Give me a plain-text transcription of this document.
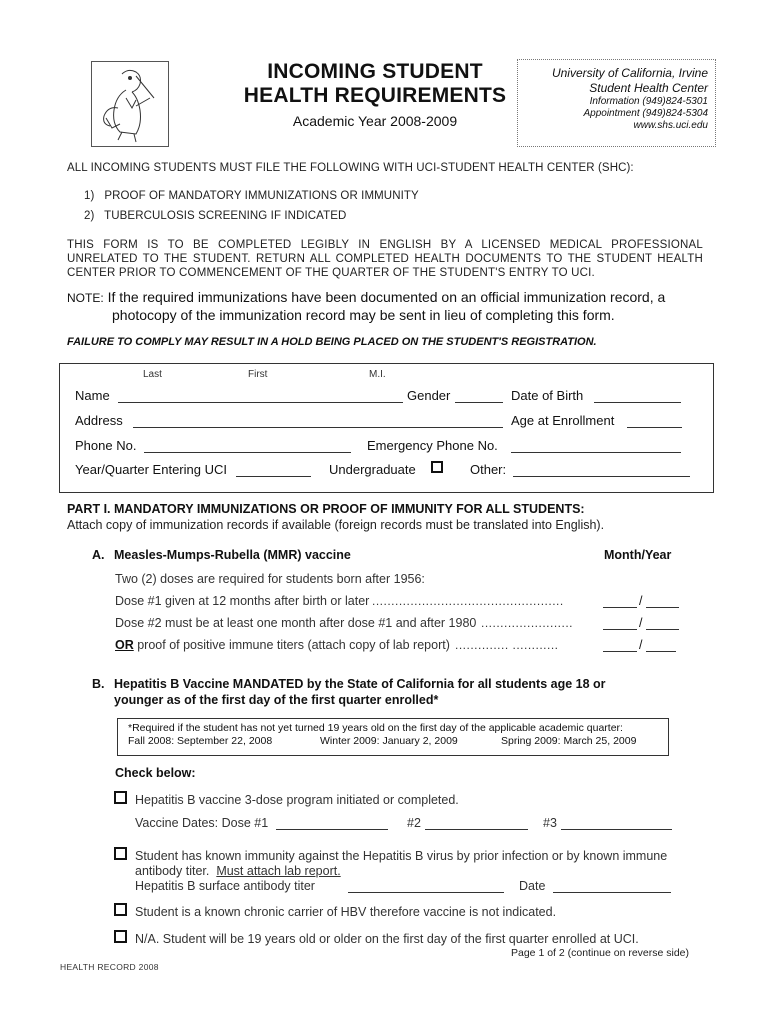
INCOMING STUDENT
HEALTH REQUIREMENTS
Academic Year 2008-2009
University of California, Irvine
Student Health Center
Information (949)824-5301
Appointment (949)824-5304
www.shs.uci.edu
ALL INCOMING STUDENTS MUST FILE THE FOLLOWING WITH UCI-STUDENT HEALTH CENTER (SHC):
1) PROOF OF MANDATORY IMMUNIZATIONS OR IMMUNITY
2) TUBERCULOSIS SCREENING IF INDICATED
THIS FORM IS TO BE COMPLETED LEGIBLY IN ENGLISH BY A LICENSED MEDICAL PROFESSIONAL
UNRELATED TO THE STUDENT. RETURN ALL COMPLETED HEALTH DOCUMENTS TO THE STUDENT HEALTH
CENTER PRIOR TO COMMENCEMENT OF THE QUARTER OF THE STUDENT'S ENTRY TO UCI.
NOTE: If the required immunizations have been documented on an official immunization record, a
photocopy of the immunization record may be sent in lieu of completing this form.
FAILURE TO COMPLY MAY RESULT IN A HOLD BEING PLACED ON THE STUDENT'S REGISTRATION.
Last	First	M.I.
Name	Gender	Date of Birth
Address	Age at Enrollment
Phone No.	Emergency Phone No.
Year/Quarter Entering UCI	Undergraduate	Other:
PART I. MANDATORY IMMUNIZATIONS OR PROOF OF IMMUNITY FOR ALL STUDENTS:
Attach copy of immunization records if available (foreign records must be translated into English).
A. Measles-Mumps-Rubella (MMR) vaccine	Month/Year
Two (2) doses are required for students born after 1956:
Dose #1 given at 12 months after birth or later ..................................................	/
Dose #2 must be at least one month after dose #1 and after 1980 ........................	/
OR proof of positive immune titers (attach copy of lab report) .............. ............	/
B. Hepatitis B Vaccine MANDATED by the State of California for all students age 18 or
younger as of the first day of the first quarter enrolled*
*Required if the student has not yet turned 19 years old on the first day of the applicable academic quarter:
Fall 2008: September 22, 2008	Winter 2009: January 2, 2009	Spring 2009: March 25, 2009
Check below:
Hepatitis B vaccine 3-dose program initiated or completed.
Vaccine Dates: Dose #1	#2	#3
Student has known immunity against the Hepatitis B virus by prior infection or by known immune
antibody titer. Must attach lab report.
Hepatitis B surface antibody titer	Date
Student is a known chronic carrier of HBV therefore vaccine is not indicated.
N/A. Student will be 19 years old or older on the first day of the first quarter enrolled at UCI.
HEALTH RECORD 2008
Page 1 of 2 (continue on reverse side)
